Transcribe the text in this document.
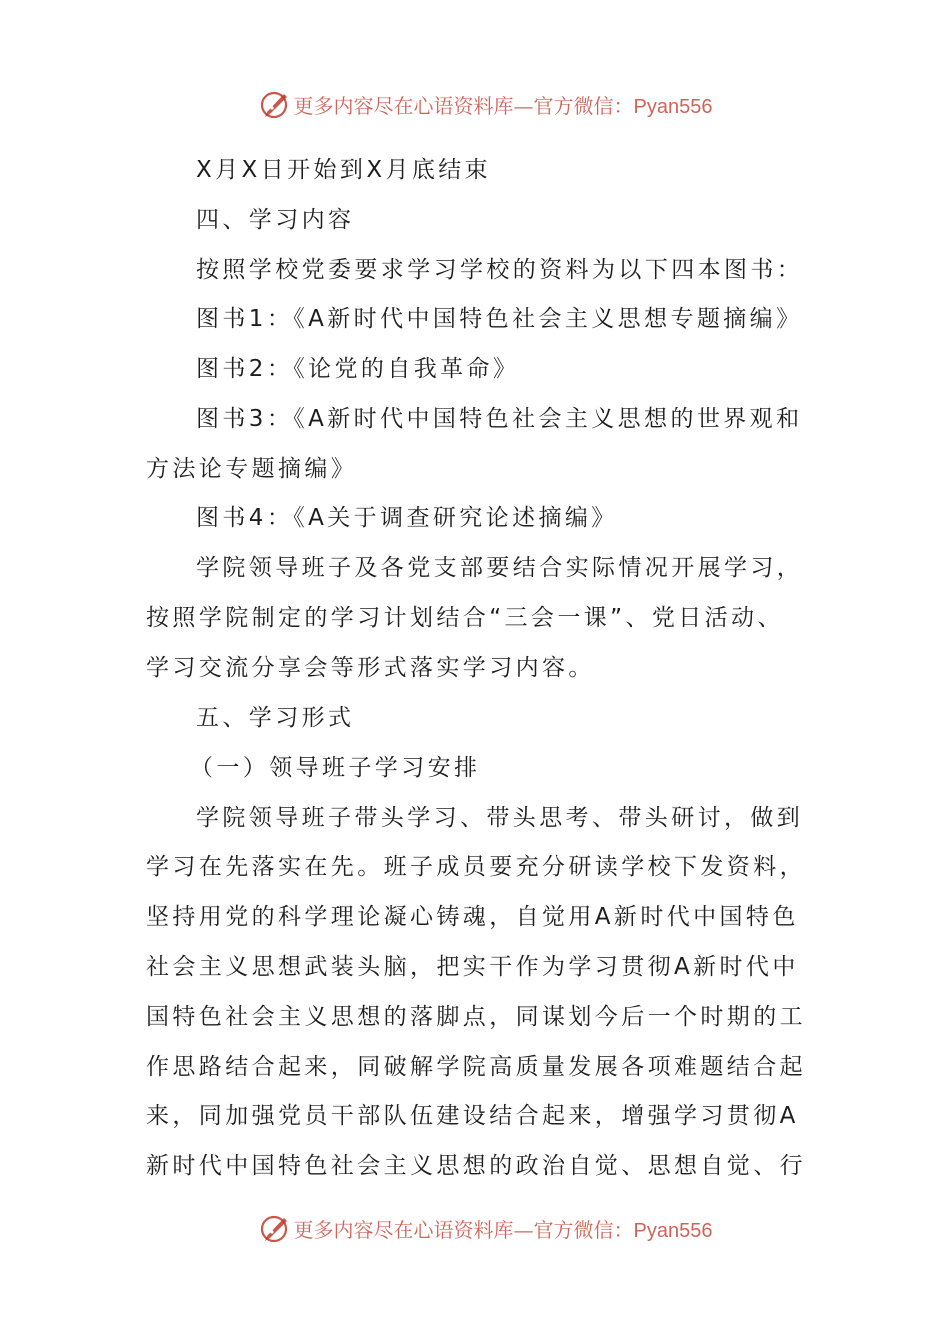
更多内容尽在心语资料库—官方微信：Pyan556
X月X日开始到X月底结束
四、学习内容
按照学校党委要求学习学校的资料为以下四本图书：
图书1：《A新时代中国特色社会主义思想专题摘编》
图书2：《论党的自我革命》
图书3：《A新时代中国特色社会主义思想的世界观和
方法论专题摘编》
图书4：《A关于调查研究论述摘编》
学院领导班子及各党支部要结合实际情况开展学习，
按照学院制定的学习计划结合“三会一课”、党日活动、
学习交流分享会等形式落实学习内容。
五、学习形式
（一）领导班子学习安排
学院领导班子带头学习、带头思考、带头研讨，做到
学习在先落实在先。班子成员要充分研读学校下发资料，
坚持用党的科学理论凝心铸魂，自觉用A新时代中国特色
社会主义思想武装头脑，把实干作为学习贯彻A新时代中
国特色社会主义思想的落脚点，同谋划今后一个时期的工
作思路结合起来，同破解学院高质量发展各项难题结合起
来，同加强党员干部队伍建设结合起来，增强学习贯彻A
新时代中国特色社会主义思想的政治自觉、思想自觉、行
更多内容尽在心语资料库—官方微信：Pyan556
